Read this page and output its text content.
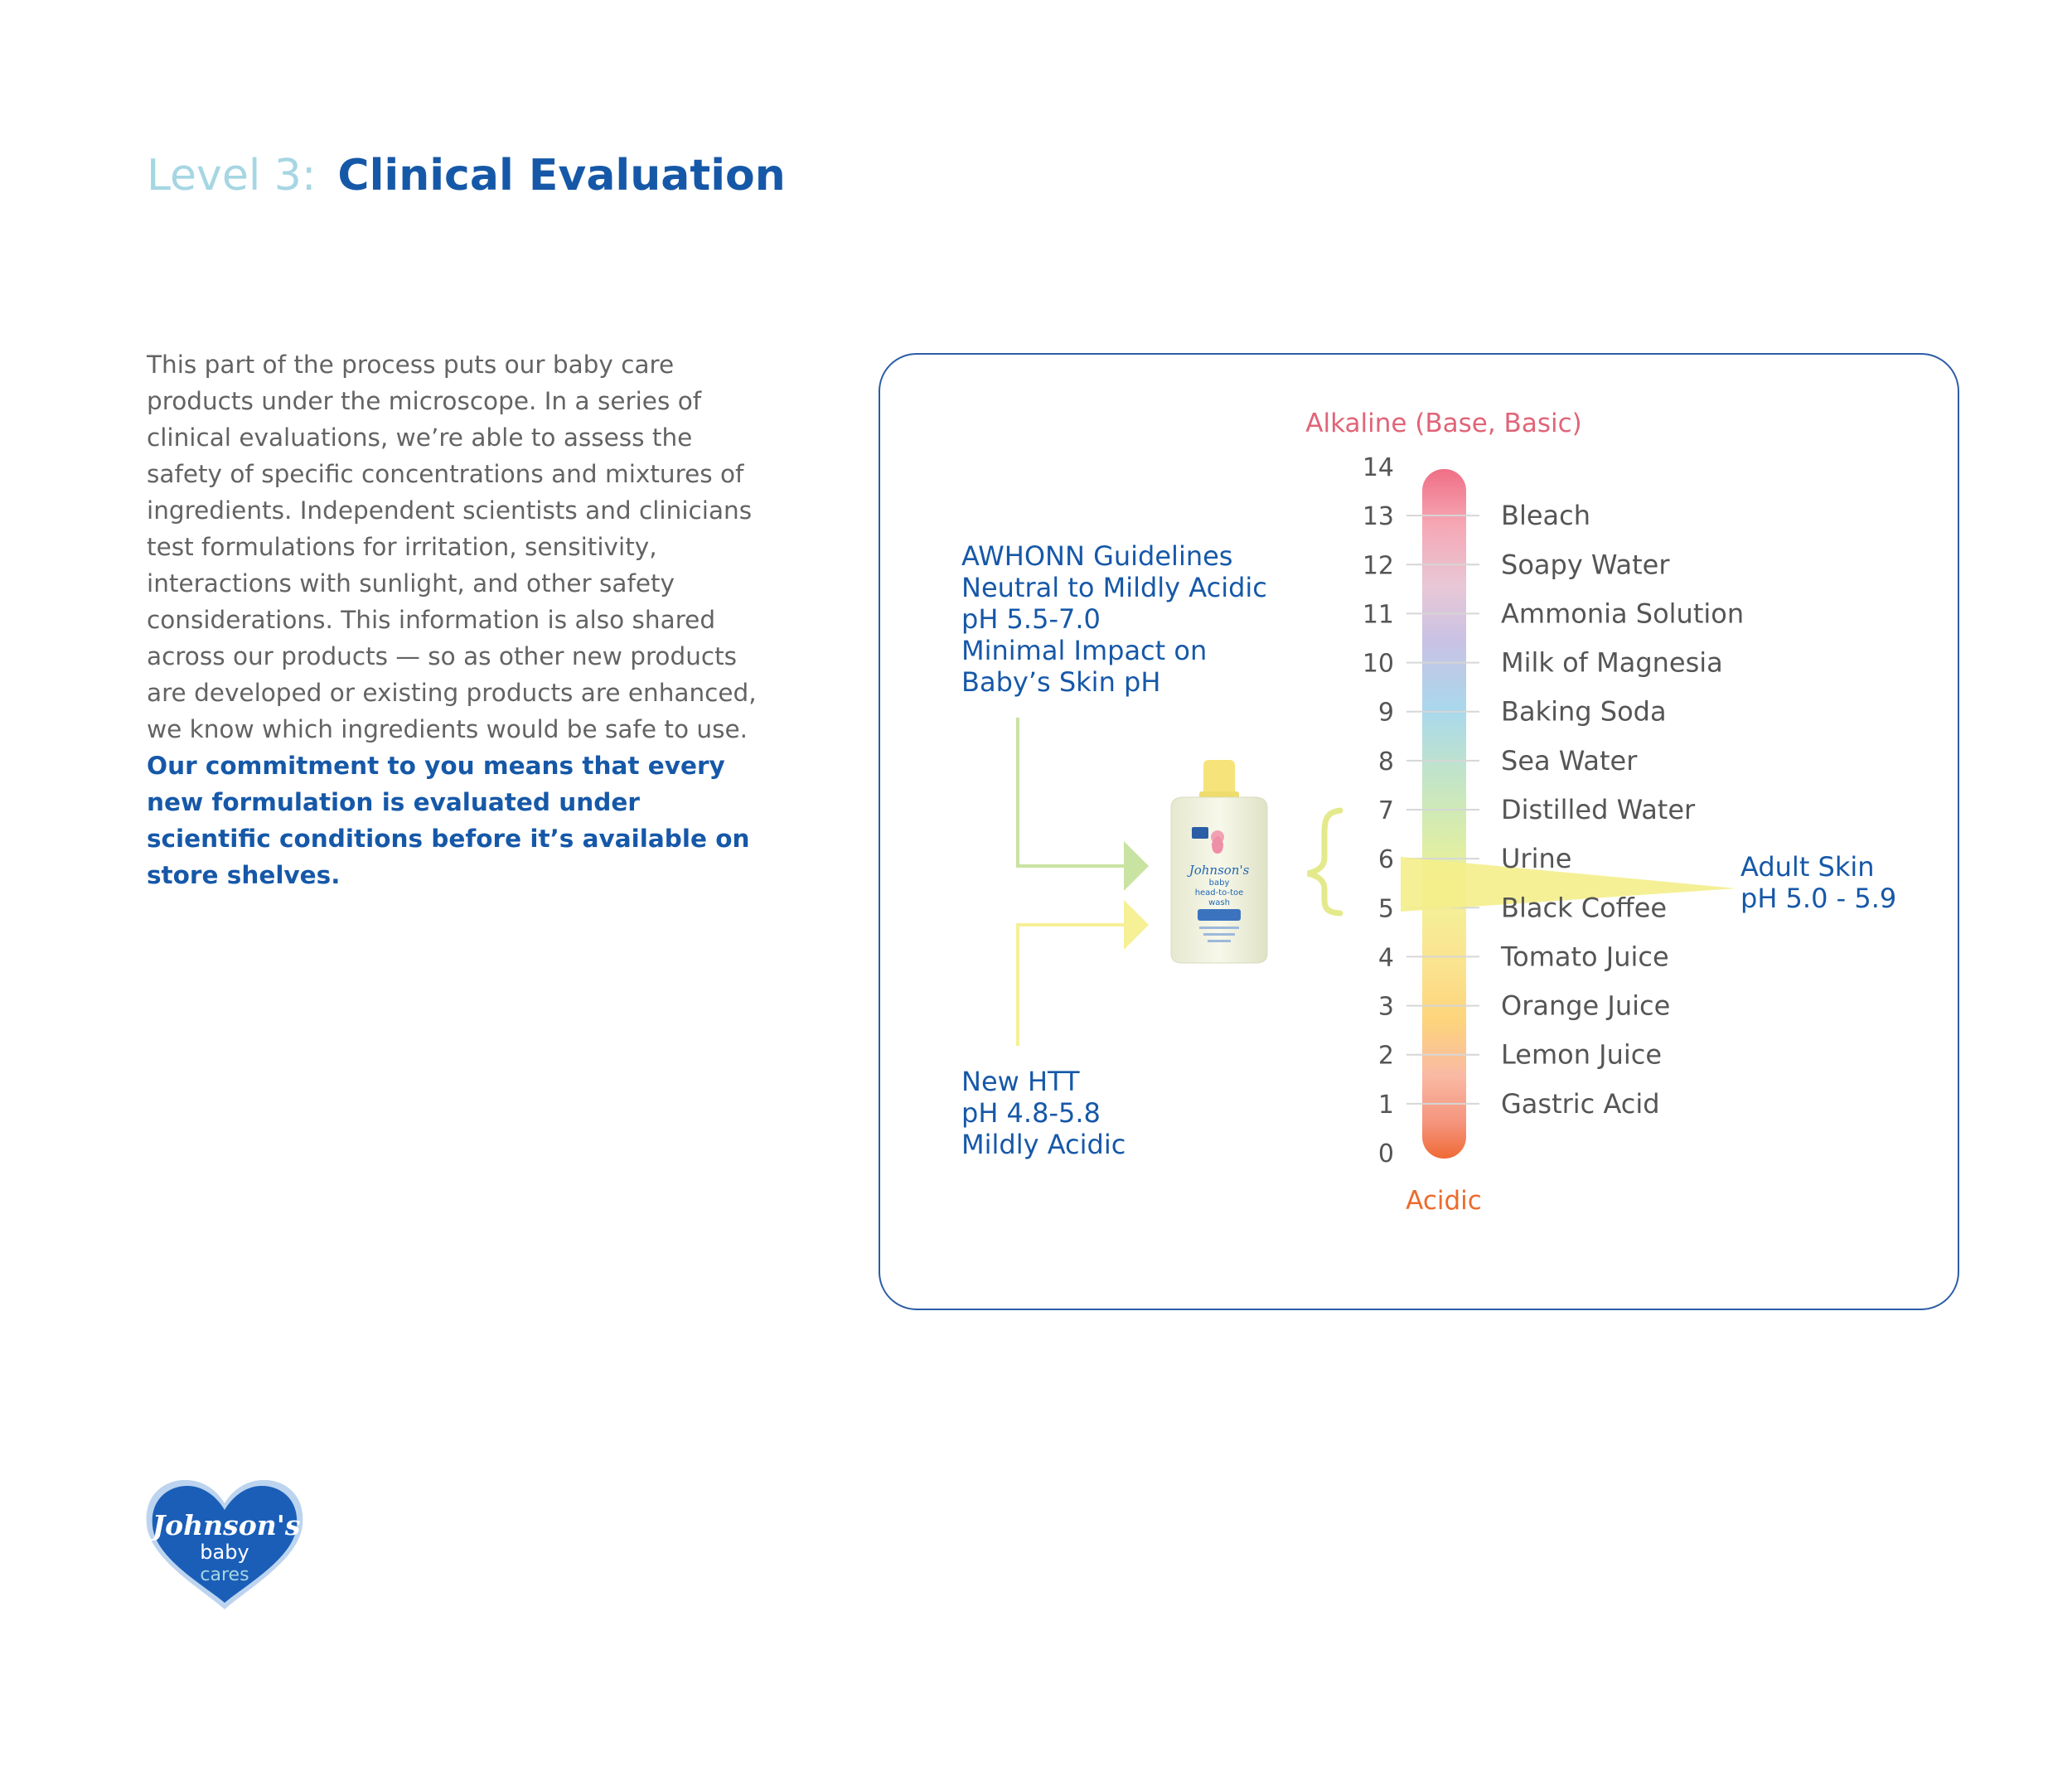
Level 3: Clinical Evaluation
This part of the process puts our baby care products under the microscope. In a series of clinical evaluations, we’re able to assess the safety of specific concentrations and mixtures of ingredients. Independent scientists and clinicians test formulations for irritation, sensitivity, interactions with sunlight, and other safety considerations. This information is also shared across our products — so as other new products are developed or existing products are enhanced, we know which ingredients would be safe to use. Our commitment to you means that every new formulation is evaluated under scientific conditions before it’s available on store shelves.	Johnson's
baby
head-to-toe
wash
Alkaline (Base, Basic)
Acidic
0
1
2
3
4
5
6
7
8
9
10
11
12
13
14
Bleach
Soapy Water
Ammonia Solution
Milk of Magnesia
Baking Soda
Sea Water
Distilled Water
Urine
Black Coffee
Tomato Juice
Orange Juice
Lemon Juice
Gastric Acid
AWHONN Guidelines
Neutral to Mildly Acidic
pH 5.5-7.0
Minimal Impact on
Baby’s Skin pH
New HTT
pH 4.8-5.8
Mildly Acidic
Adult Skin
pH 5.0 - 5.9
Johnson's
baby
cares
